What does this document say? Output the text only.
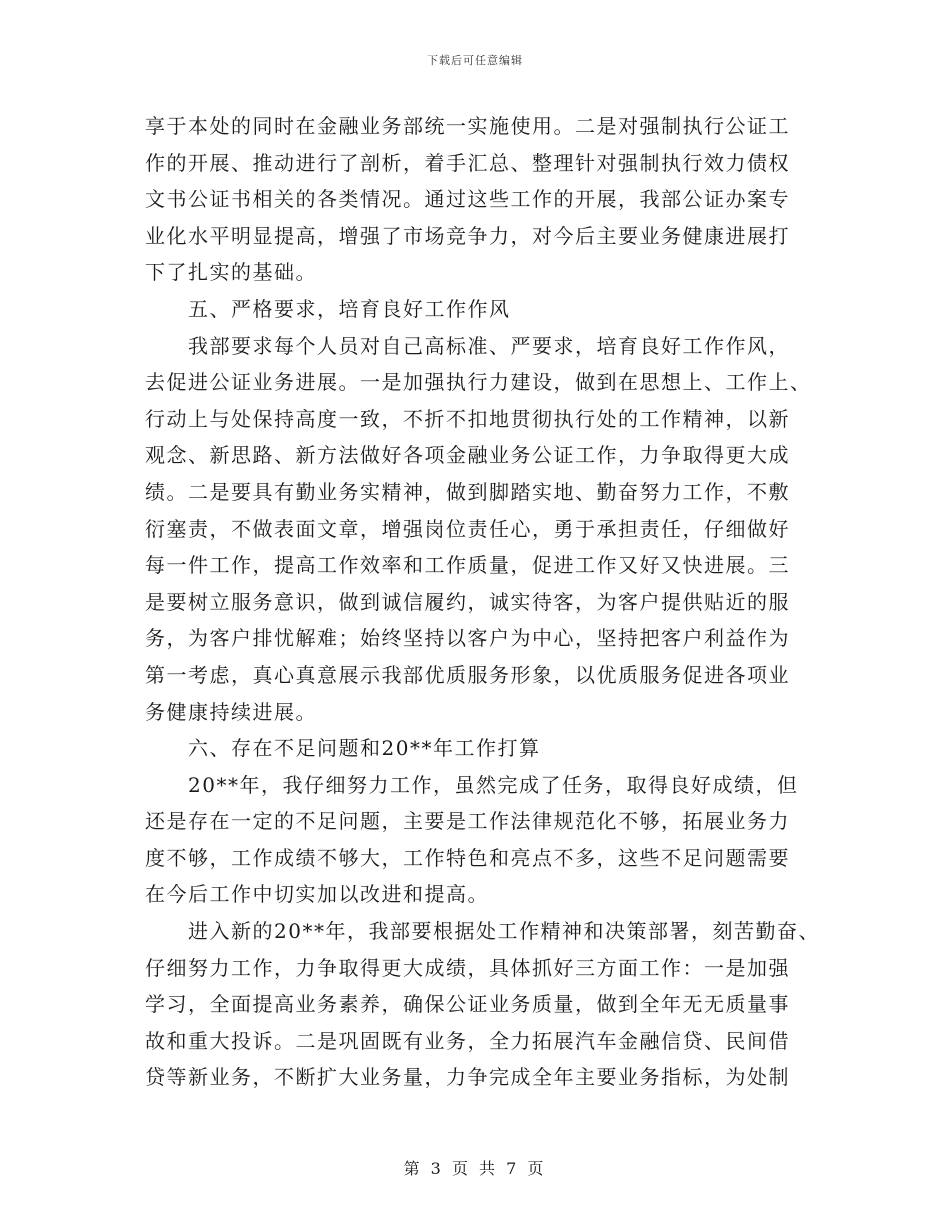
下载后可任意编辑
享于本处的同时在金融业务部统一实施使用。二是对强制执行公证工
作的开展、推动进行了剖析，着手汇总、整理针对强制执行效力债权
文书公证书相关的各类情况。通过这些工作的开展，我部公证办案专
业化水平明显提高，增强了市场竞争力，对今后主要业务健康进展打
下了扎实的基础。
五、严格要求，培育良好工作作风
我部要求每个人员对自己高标准、严要求，培育良好工作作风，
去促进公证业务进展。一是加强执行力建设，做到在思想上、工作上、
行动上与处保持高度一致，不折不扣地贯彻执行处的工作精神，以新
观念、新思路、新方法做好各项金融业务公证工作，力争取得更大成
绩。二是要具有勤业务实精神，做到脚踏实地、勤奋努力工作，不敷
衍塞责，不做表面文章，增强岗位责任心，勇于承担责任，仔细做好
每一件工作，提高工作效率和工作质量，促进工作又好又快进展。三
是要树立服务意识，做到诚信履约，诚实待客，为客户提供贴近的服
务，为客户排忧解难；始终坚持以客户为中心，坚持把客户利益作为
第一考虑，真心真意展示我部优质服务形象，以优质服务促进各项业
务健康持续进展。
六、存在不足问题和20**年工作打算
20**年，我仔细努力工作，虽然完成了任务，取得良好成绩，但
还是存在一定的不足问题，主要是工作法律规范化不够，拓展业务力
度不够，工作成绩不够大，工作特色和亮点不多，这些不足问题需要
在今后工作中切实加以改进和提高。
进入新的20**年，我部要根据处工作精神和决策部署，刻苦勤奋、
仔细努力工作，力争取得更大成绩，具体抓好三方面工作：一是加强
学习，全面提高业务素养，确保公证业务质量，做到全年无无质量事
故和重大投诉。二是巩固既有业务，全力拓展汽车金融信贷、民间借
贷等新业务，不断扩大业务量，力争完成全年主要业务指标，为处制
第 3 页 共 7 页
